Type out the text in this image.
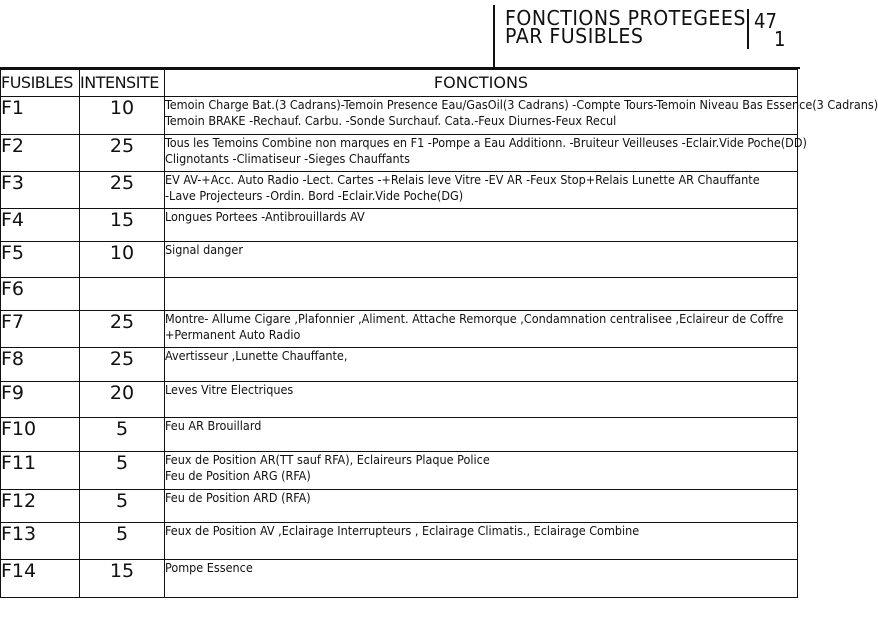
FONCTIONS PROTEGEES
PAR FUSIBLES
47
1
FUSIBLES	INTENSITE	FONCTIONS
F1	10	Temoin Charge Bat.(3 Cadrans)-Temoin Presence Eau/GasOil(3 Cadrans) -Compte Tours-Temoin Niveau Bas Essence(3 Cadrans)
Temoin BRAKE -Rechauf. Carbu. -Sonde Surchauf. Cata.-Feux Diurnes-Feux Recul

F2	25	Tous les Temoins Combine non marques en F1 -Pompe a Eau Additionn. -Bruiteur Veilleuses -Eclair.Vide Poche(DD)
Clignotants -Climatiseur -Sieges Chauffants

F3	25	EV AV-+Acc. Auto Radio -Lect. Cartes -+Relais leve Vitre -EV AR -Feux Stop+Relais Lunette AR Chauffante
-Lave Projecteurs -Ordin. Bord -Eclair.Vide Poche(DG)

F4	15	Longues Portees -Antibrouillards AV

F5	10	Signal danger

F6		
F7	25	Montre- Allume Cigare ,Plafonnier ,Aliment. Attache Remorque ,Condamnation centralisee ,Eclaireur de Coffre
+Permanent Auto Radio

F8	25	Avertisseur ,Lunette Chauffante,

F9	20	Leves Vitre Electriques

F10	5	Feu AR Brouillard

F11	5	Feux de Position AR(TT sauf RFA), Eclaireurs Plaque Police
Feu de Position ARG (RFA)

F12	5	Feu de Position ARD (RFA)

F13	5	Feux de Position AV ,Eclairage Interrupteurs , Eclairage Climatis., Eclairage Combine

F14	15	Pompe Essence
